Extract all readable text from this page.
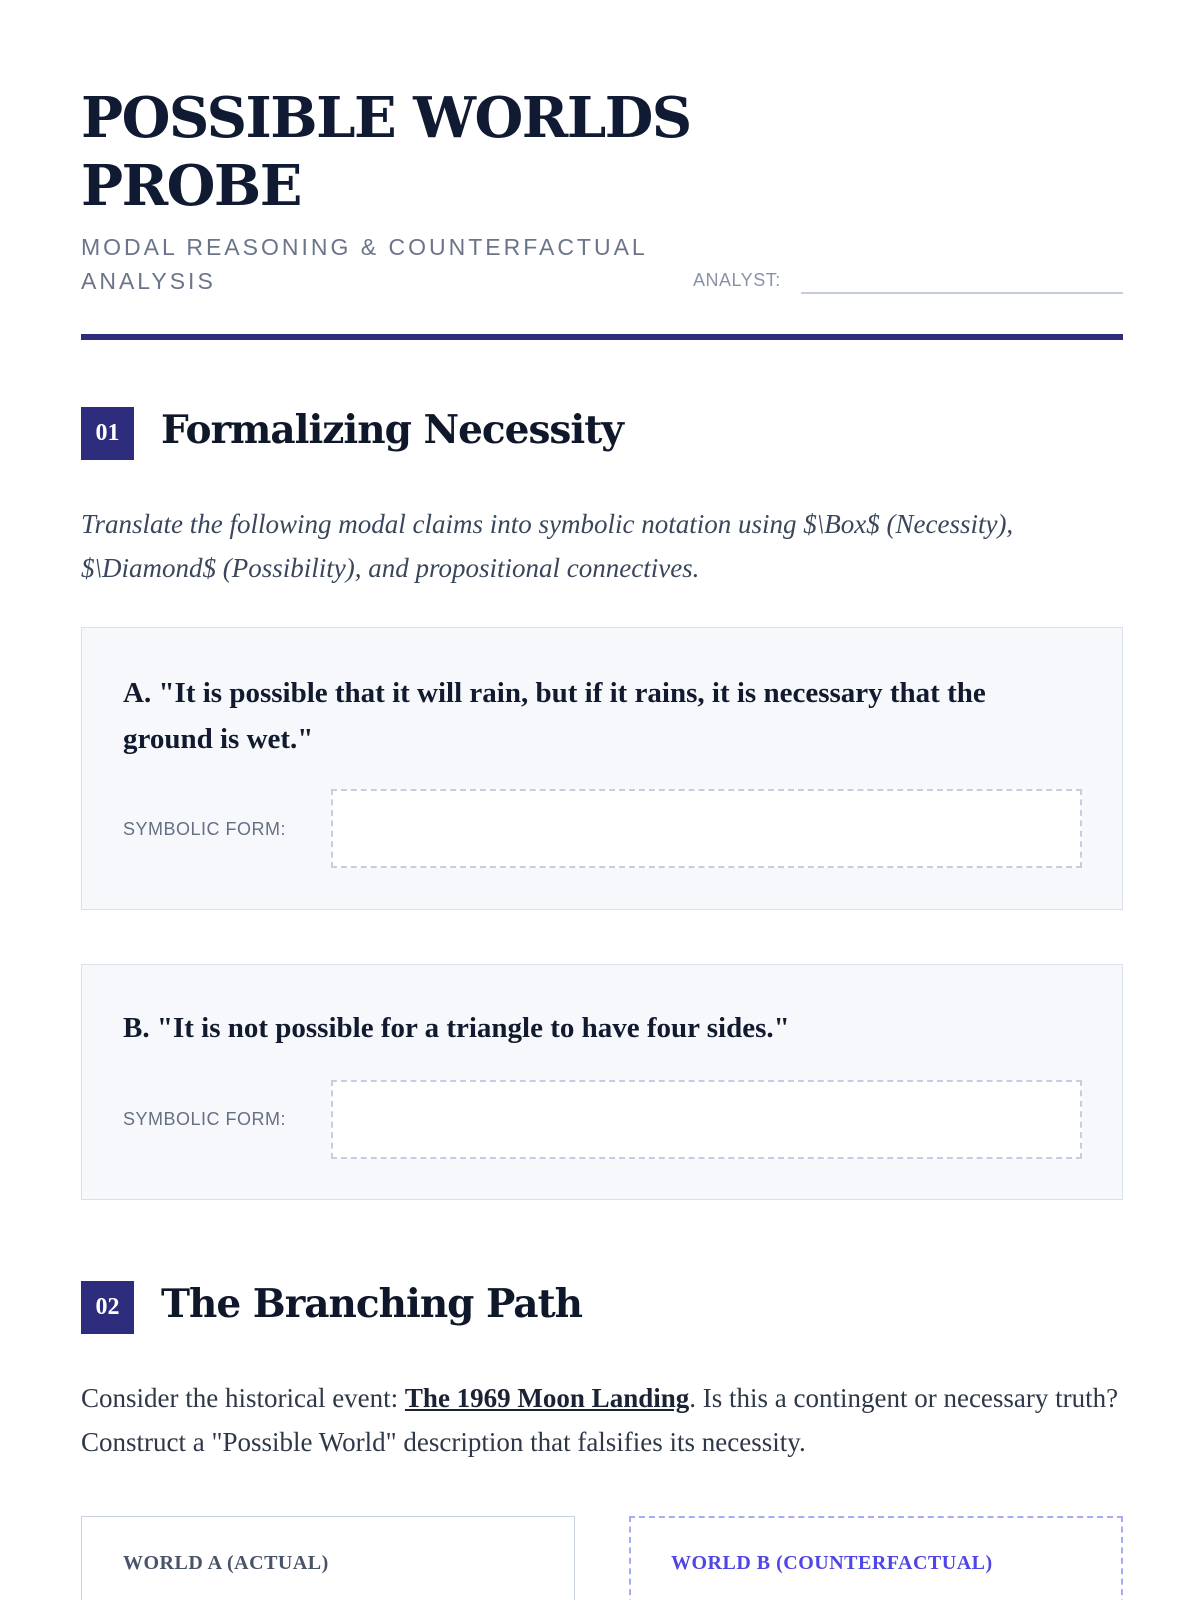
POSSIBLE WORLDS PROBE
MODAL REASONING & COUNTERFACTUAL ANALYSIS	ANALYST:
01	Formalizing Necessity

Translate the following modal claims into symbolic notation using $\Box$ (Necessity), $\Diamond$ (Possibility), and propositional connectives.

A. "It is possible that it will rain, but if it rains, it is necessary that the ground is wet."
SYMBOLIC FORM:
B. "It is not possible for a triangle to have four sides."
SYMBOLIC FORM:
02	The Branching Path

Consider the historical event: The 1969 Moon Landing. Is this a contingent or necessary truth? Construct a "Possible World" description that falsifies its necessity.

WORLD A (ACTUAL)	WORLD B (COUNTERFACTUAL)
